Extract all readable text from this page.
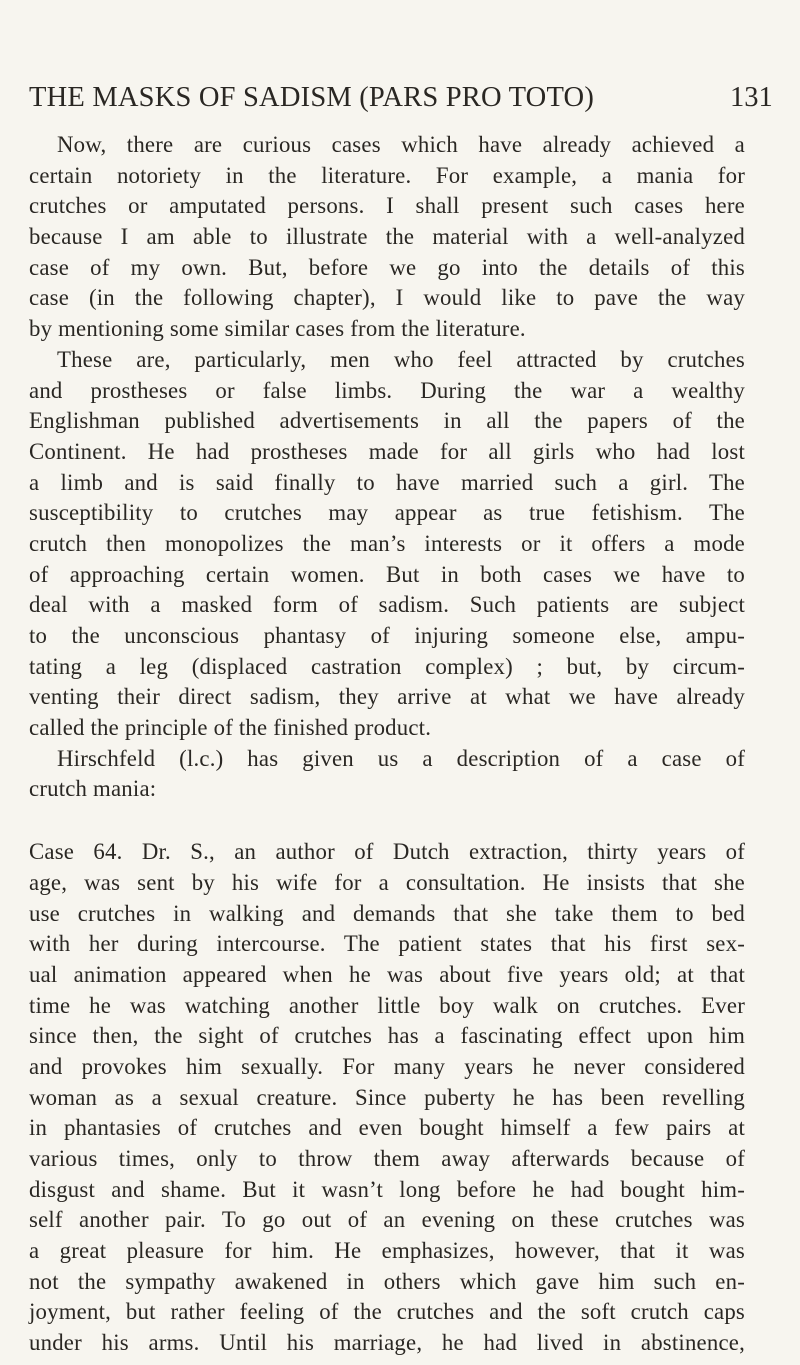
THE MASKS OF SADISM (PARS PRO TOTO)	131
Now, there are curious cases which have already achieved a
certain notoriety in the literature. For example, a mania for
crutches or amputated persons. I shall present such cases here
because I am able to illustrate the material with a well-analyzed
case of my own. But, before we go into the details of this
case (in the following chapter), I would like to pave the way
by mentioning some similar cases from the literature.
These are, particularly, men who feel attracted by crutches
and prostheses or false limbs. During the war a wealthy
Englishman published advertisements in all the papers of the
Continent. He had prostheses made for all girls who had lost
a limb and is said finally to have married such a girl. The
susceptibility to crutches may appear as true fetishism. The
crutch then monopolizes the man’s interests or it offers a mode
of approaching certain women. But in both cases we have to
deal with a masked form of sadism. Such patients are subject
to the unconscious phantasy of injuring someone else, ampu-
tating a leg (displaced castration complex) ; but, by circum-
venting their direct sadism, they arrive at what we have already
called the principle of the finished product.
Hirschfeld (l.c.) has given us a description of a case of
crutch mania:
Case 64. Dr. S., an author of Dutch extraction, thirty years of
age, was sent by his wife for a consultation. He insists that she
use crutches in walking and demands that she take them to bed
with her during intercourse. The patient states that his first sex-
ual animation appeared when he was about five years old; at that
time he was watching another little boy walk on crutches. Ever
since then, the sight of crutches has a fascinating effect upon him
and provokes him sexually. For many years he never considered
woman as a sexual creature. Since puberty he has been revelling
in phantasies of crutches and even bought himself a few pairs at
various times, only to throw them away afterwards because of
disgust and shame. But it wasn’t long before he had bought him-
self another pair. To go out of an evening on these crutches was
a great pleasure for him. He emphasizes, however, that it was
not the sympathy awakened in others which gave him such en-
joyment, but rather feeling of the crutches and the soft crutch caps
under his arms. Until his marriage, he had lived in abstinence,
